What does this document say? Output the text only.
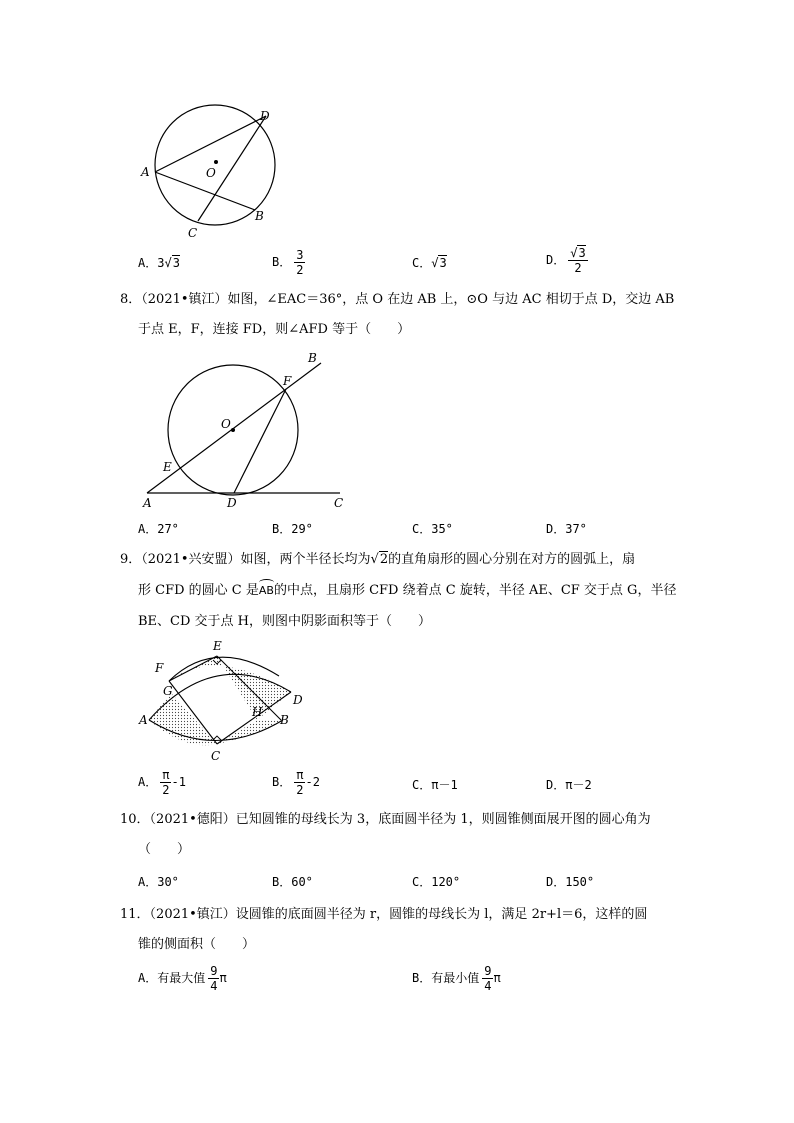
A
D
O
B
C
A．3√3	B． $\frac{3}{2}$	C．√3	D． $\frac{√3}{2}$
8．（2021•镇江）如图，∠EAC＝36°，点 O 在边 AB 上，⊙O 与边 AC 相切于点 D，交边 AB
于点 E，F，连接 FD，则∠AFD 等于（　　）
B
F
O
E
A	D	C
A．27°	B．29°	C．35°	D．37°
9．（2021•兴安盟）如图，两个半径长均为√2的直角扇形的圆心分别在对方的圆弧上，扇
形 CFD 的圆心 C 是AB的中点，且扇形 CFD 绕着点 C 旋转，半径 AE、CF 交于点 G，半径
BE、CD 交于点 H，则图中阴影面积等于（　　）
E
F
G
D
H
B
A
C
A． $\frac{\pi}{2} -1$	B． $\frac{\pi}{2} -2$	C．π－1	D．π－2
10．（2021•德阳）已知圆锥的母线长为 3，底面圆半径为 1，则圆锥侧面展开图的圆心角为
（　　）
A．30°	B．60°	C．120°	D．150°
11．（2021•镇江）设圆锥的底面圆半径为 r，圆锥的母线长为 l，满足 2r+l＝6，这样的圆
锥的侧面积（　　）
A．有最大值 $\frac{9}{4}$ π	B．有最小值 $\frac{9}{4}$ π
